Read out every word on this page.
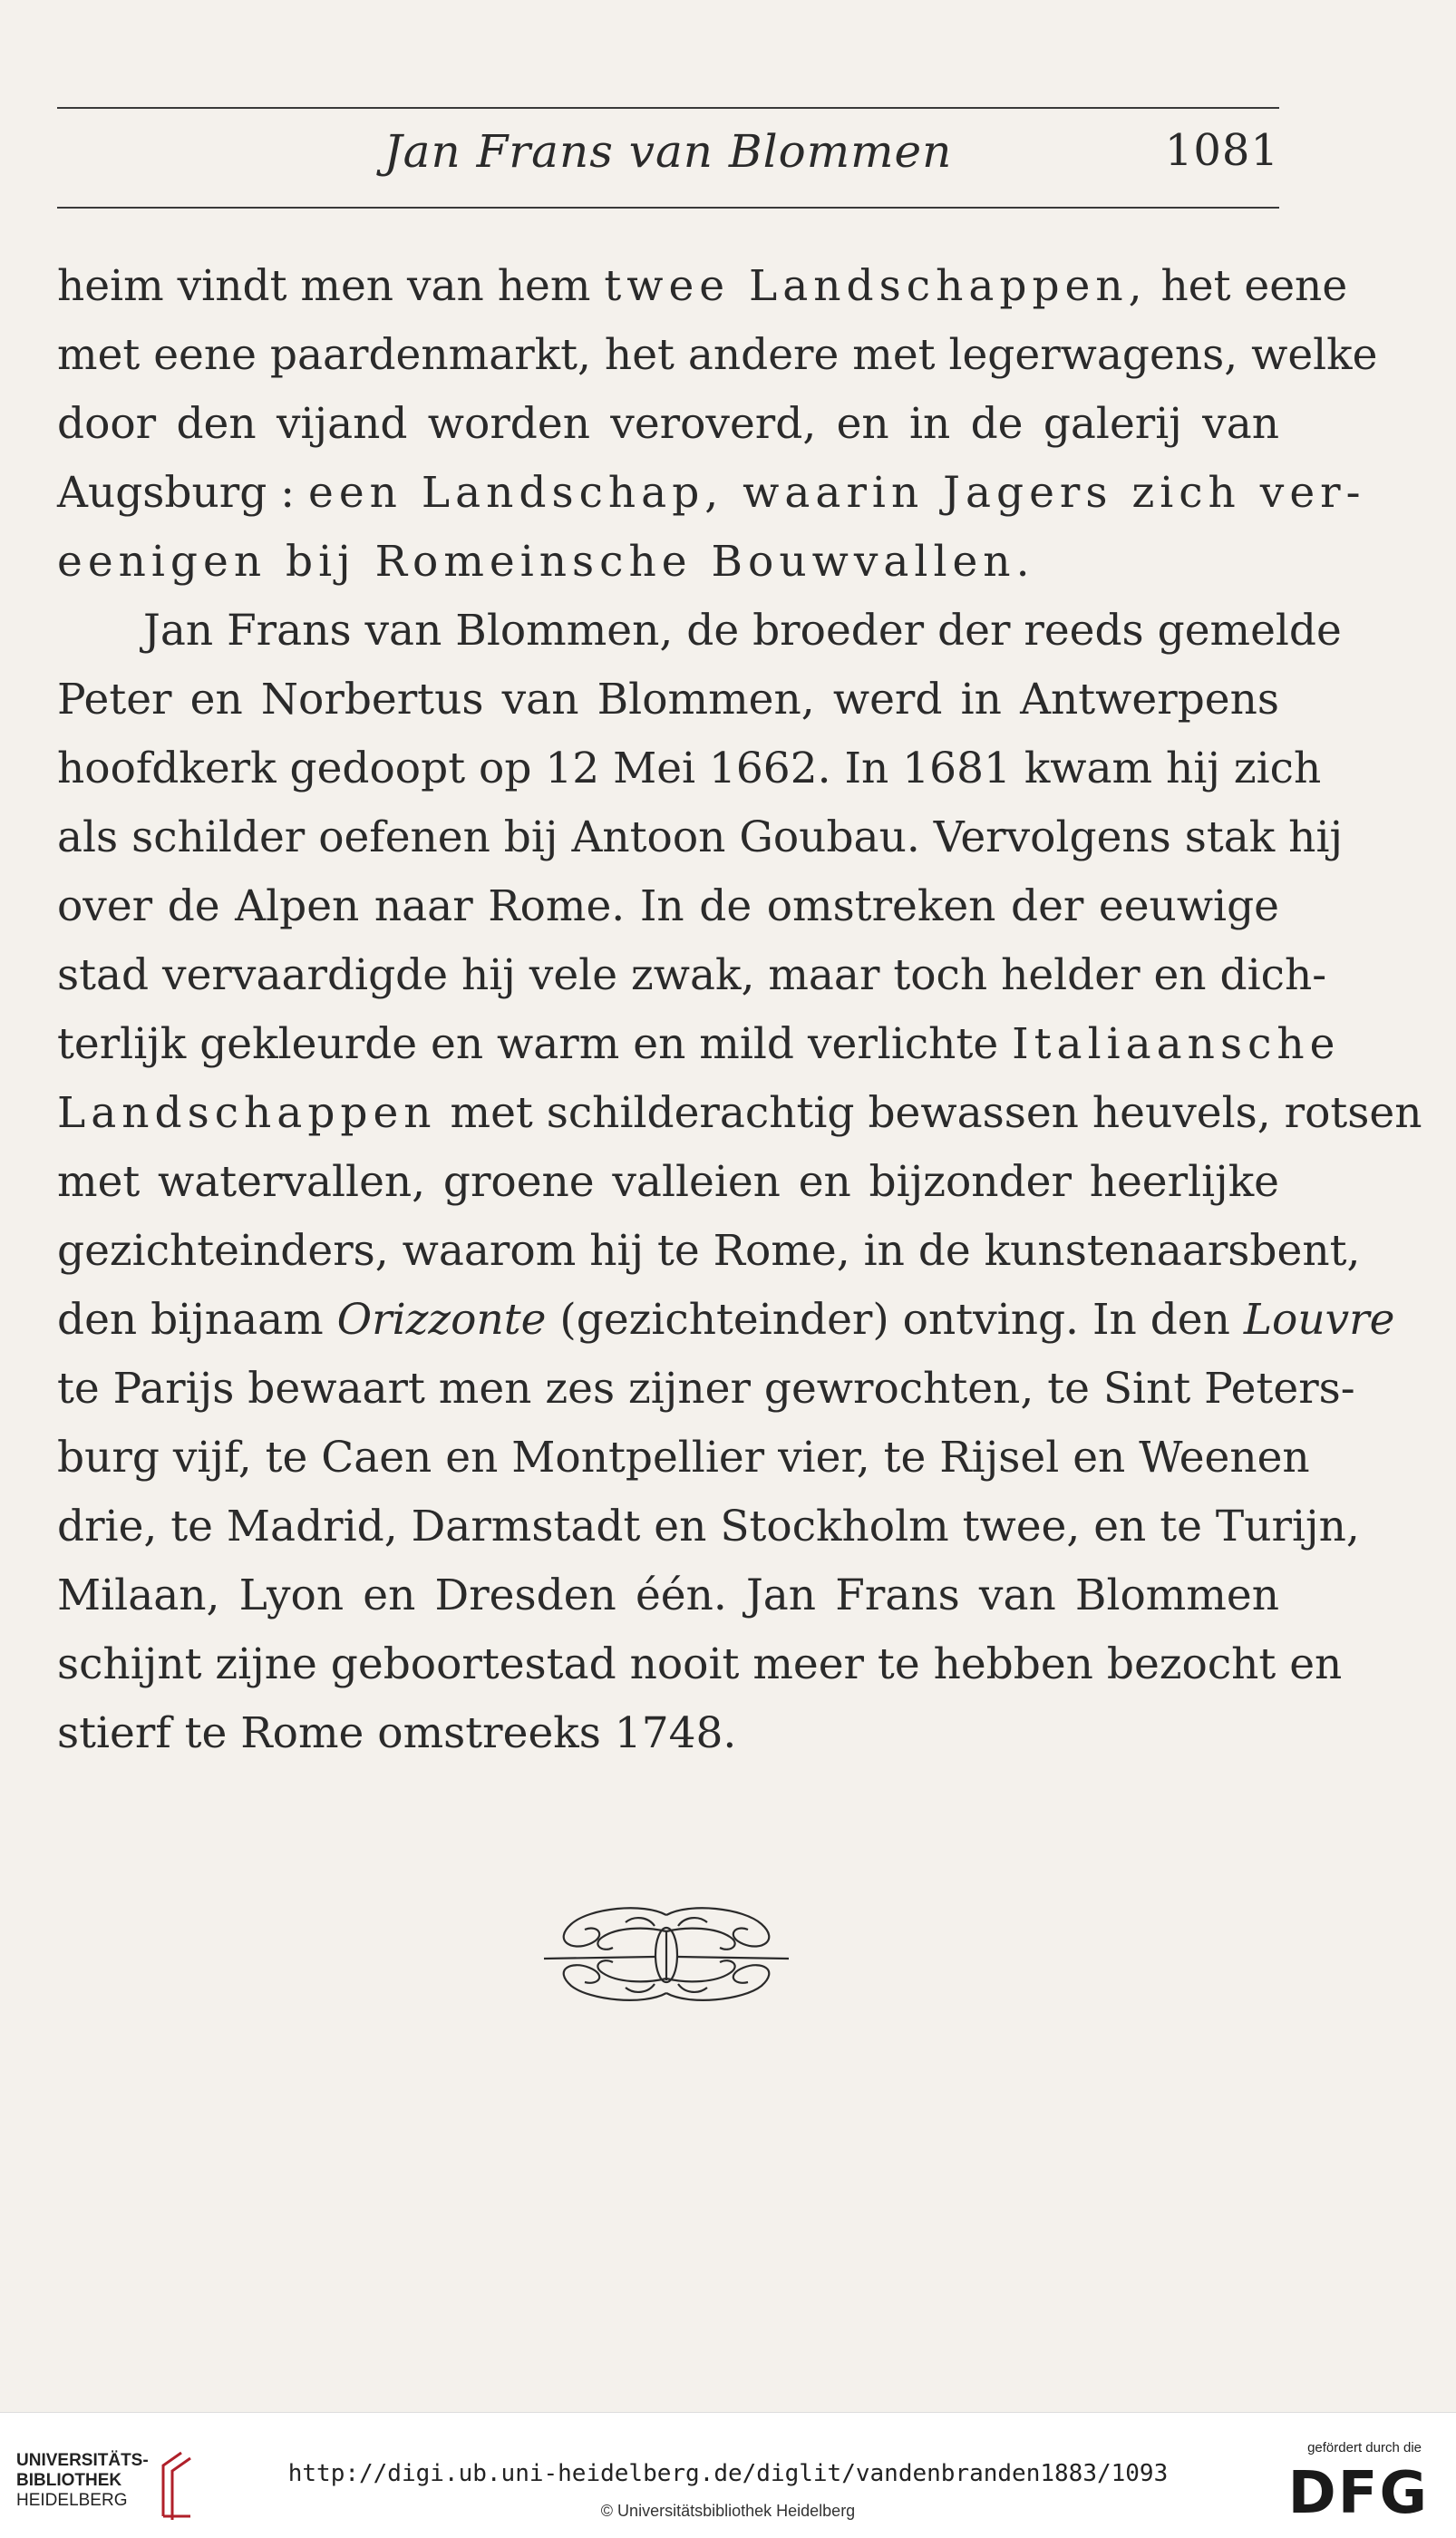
Jan Frans van Blommen	1081
heim vindt men van hem twee Landschappen, het eene
met eene paardenmarkt, het andere met legerwagens, welke
door den vijand worden veroverd, en in de galerij van
Augsburg : een Landschap, waarin Jagers zich ver-
eenigen bij Romeinsche Bouwvallen.
Jan Frans van Blommen, de broeder der reeds gemelde
Peter en Norbertus van Blommen, werd in Antwerpens
hoofdkerk gedoopt op 12 Mei 1662. In 1681 kwam hij zich
als schilder oefenen bij Antoon Goubau. Vervolgens stak hij
over de Alpen naar Rome. In de omstreken der eeuwige
stad vervaardigde hij vele zwak, maar toch helder en dich-
terlijk gekleurde en warm en mild verlichte Italiaansche
Landschappen met schilderachtig bewassen heuvels, rotsen
met watervallen, groene valleien en bijzonder heerlijke
gezichteinders, waarom hij te Rome, in de kunstenaarsbent,
den bijnaam Orizzonte (gezichteinder) ontving. In den Louvre
te Parijs bewaart men zes zijner gewrochten, te Sint Peters-
burg vijf, te Caen en Montpellier vier, te Rijsel en Weenen
drie, te Madrid, Darmstadt en Stockholm twee, en te Turijn,
Milaan, Lyon en Dresden één. Jan Frans van Blommen
schijnt zijne geboortestad nooit meer te hebben bezocht en
stierf te Rome omstreeks 1748.
UNIVERSITÄTS-
BIBLIOTHEK
HEIDELBERG
http://digi.ub.uni-heidelberg.de/diglit/vandenbranden1883/1093
© Universitätsbibliothek Heidelberg
gefördert durch die
DFG
